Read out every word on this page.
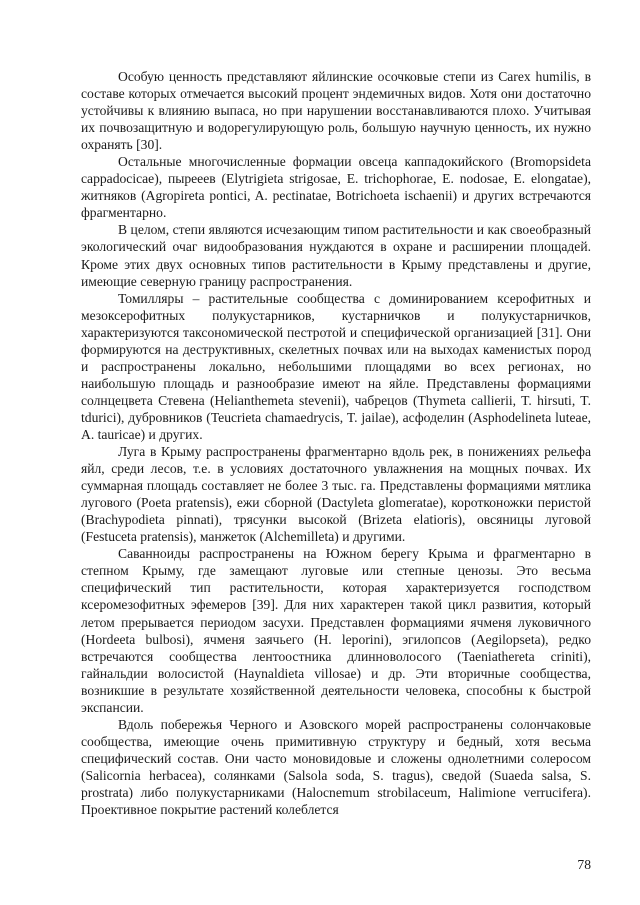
Особую ценность представляют яйлинские осочковые степи из Carex humilis, в составе которых отмечается высокий процент эндемичных видов. Хотя они достаточно устойчивы к влиянию выпаса, но при нарушении восстанавливаются плохо. Учитывая их почвозащитную и водорегулирующую роль, большую научную ценность, их нужно охранять [30].

Остальные многочисленные формации овсеца каппадокийского (Bromopsideta cappadocicae), пырееев (Elytrigieta strigosae, E. trichophorae, E. nodosae, E. elongatae), житняков (Agropireta pontici, A. pectinatae, Botrichoeta ischaenii) и других встречаются фрагментарно.

В целом, степи являются исчезающим типом растительности и как своеобразный экологический очаг видообразования нуждаются в охране и расширении площадей. Кроме этих двух основных типов растительности в Крыму представлены и другие, имеющие северную границу распространения.

Томилляры – растительные сообщества с доминированием ксерофитных и мезоксерофитных полукустарников, кустарничков и полукустарничков, характеризуются таксономической пестротой и специфической организацией [31]. Они формируются на деструктивных, скелетных почвах или на выходах каменистых пород и распространены локально, небольшими площадями во всех регионах, но наибольшую площадь и разнообразие имеют на яйле. Представлены формациями солнцецвета Стевена (Helianthemeta stevenii), чабрецов (Thymeta callierii, T. hirsuti, T. tdurici), дубровников (Teucrieta chamaedrycis, T. jailae), асфоделин (Asphodelineta luteae, A. tauricae) и других.

Луга в Крыму распространены фрагментарно вдоль рек, в понижениях рельефа яйл, среди лесов, т.е. в условиях достаточного увлажнения на мощных почвах. Их суммарная площадь составляет не более 3 тыс. га. Представлены формациями мятлика лугового (Poeta pratensis), ежи сборной (Dactyleta glomeratae), коротконожки перистой (Brachypodieta pinnati), трясунки высокой (Brizeta elatioris), овсяницы луговой (Festuceta pratensis), манжеток (Alchemilleta) и другими.

Саванноиды распространены на Южном берегу Крыма и фрагментарно в степном Крыму, где замещают луговые или степные ценозы. Это весьма специфический тип растительности, которая характеризуется господством ксеромезофитных эфемеров [39]. Для них характерен такой цикл развития, который летом прерывается периодом засухи. Представлен формациями ячменя луковичного (Hordeeta bulbosi), ячменя заячьего (H. leporini), эгилопсов (Aegilopseta), редко встречаются сообщества лентоостника длинноволосого (Taeniathereta criniti), гайнальдии волосистой (Haynaldieta villosae) и др. Эти вторичные сообщества, возникшие в результате хозяйственной деятельности человека, способны к быстрой экспансии.

Вдоль побережья Черного и Азовского морей распространены солончаковые сообщества, имеющие очень примитивную структуру и бедный, хотя весьма специфический состав. Они часто моновидовые и сложены однолетними солеросом (Salicornia herbacea), солянками (Salsola soda, S. tragus), сведой (Suaeda salsa, S. prostrata) либо полукустарниками (Halocnemum strobilaceum, Halimione verrucifera). Проективное покрытие растений колеблется

78
